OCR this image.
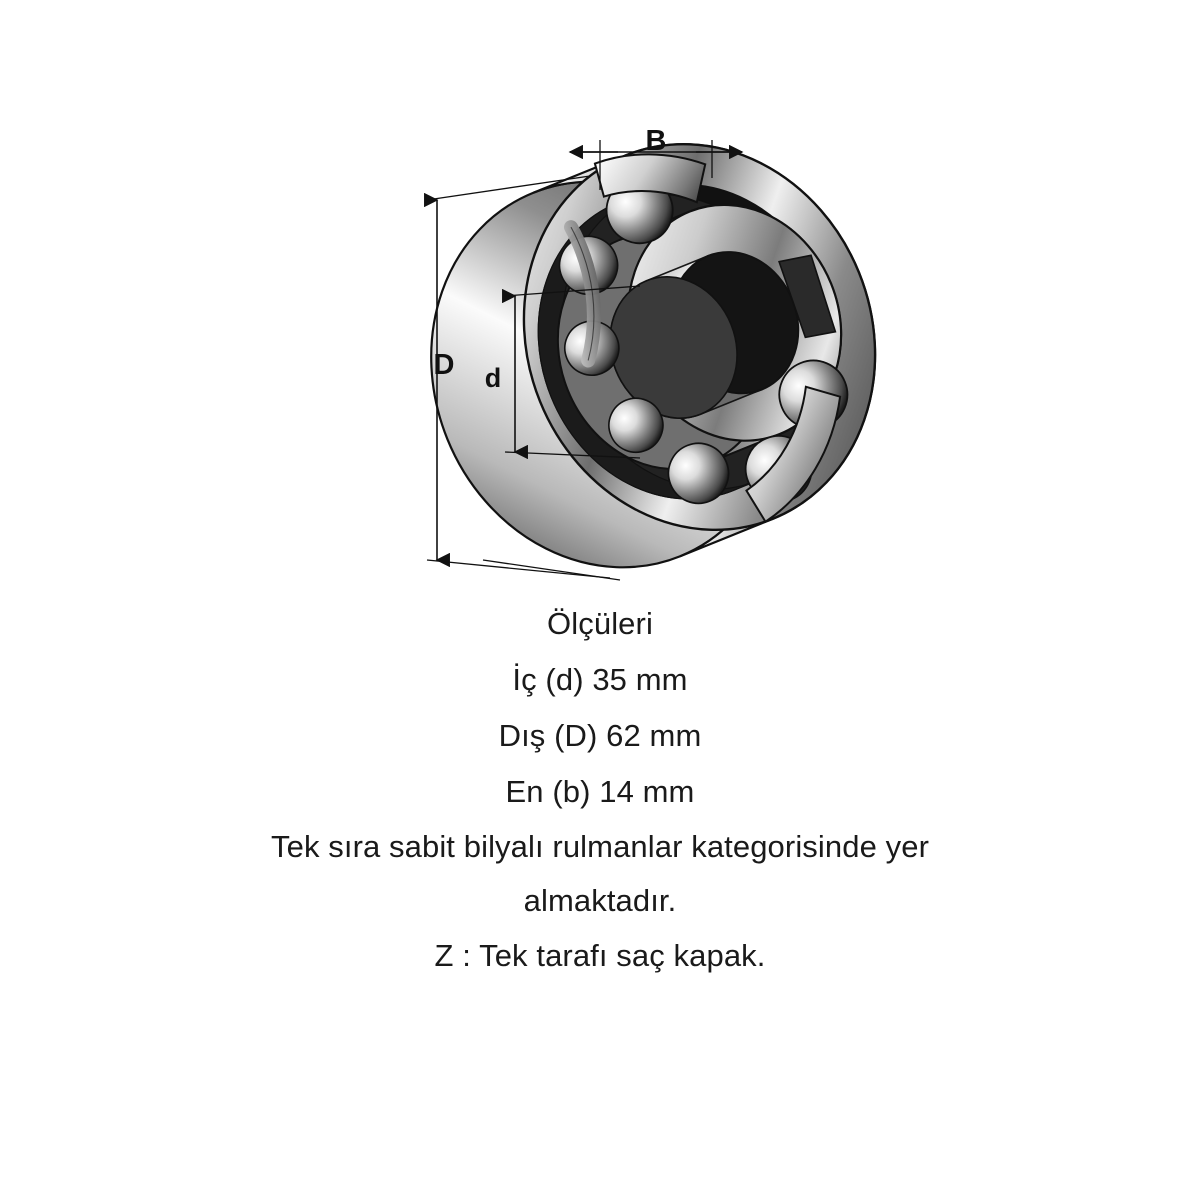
B
D d
Ölçüleri
İç (d) 35 mm
Dış (D) 62 mm
En (b) 14 mm
Tek sıra sabit bilyalı rulmanlar kategorisinde yer
almaktadır.
Z : Tek tarafı saç kapak.
